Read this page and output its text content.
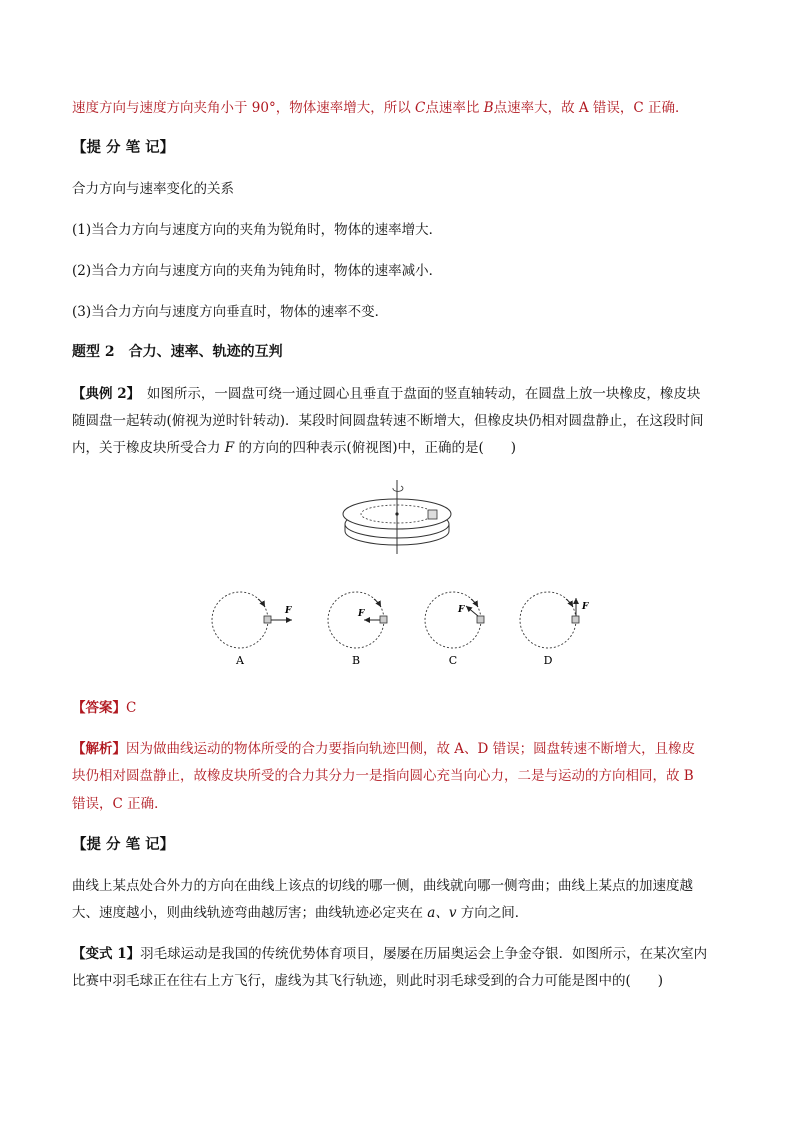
速度方向与速度方向夹角小于 90°，物体速率增大，所以 C点速率比 B点速率大，故 A 错误，C 正确．
【提 分 笔 记】
合力方向与速率变化的关系
(1)当合力方向与速度方向的夹角为锐角时，物体的速率增大．
(2)当合力方向与速度方向的夹角为钝角时，物体的速率减小．
(3)当合力方向与速度方向垂直时，物体的速率不变．
题型 2　合力、速率、轨迹的互判
【典例 2】　如图所示，一圆盘可绕一通过圆心且垂直于盘面的竖直轴转动，在圆盘上放一块橡皮，橡皮块
随圆盘一起转动(俯视为逆时针转动)．某段时间圆盘转速不断增大，但橡皮块仍相对圆盘静止，在这段时间
内，关于橡皮块所受合力 F 的方向的四种表示(俯视图)中，正确的是(　　)
F
A
F
B
F
C
F
D
【答案】C
【解析】因为做曲线运动的物体所受的合力要指向轨迹凹侧，故 A、D 错误；圆盘转速不断增大，且橡皮
块仍相对圆盘静止，故橡皮块所受的合力其分力一是指向圆心充当向心力，二是与运动的方向相同，故 B
错误，C 正确．
【提 分 笔 记】
曲线上某点处合外力的方向在曲线上该点的切线的哪一侧，曲线就向哪一侧弯曲；曲线上某点的加速度越
大、速度越小，则曲线轨迹弯曲越厉害；曲线轨迹必定夹在 a、v 方向之间．
【变式 1】羽毛球运动是我国的传统优势体育项目，屡屡在历届奥运会上争金夺银．如图所示，在某次室内
比赛中羽毛球正在往右上方飞行，虚线为其飞行轨迹，则此时羽毛球受到的合力可能是图中的(　　)
